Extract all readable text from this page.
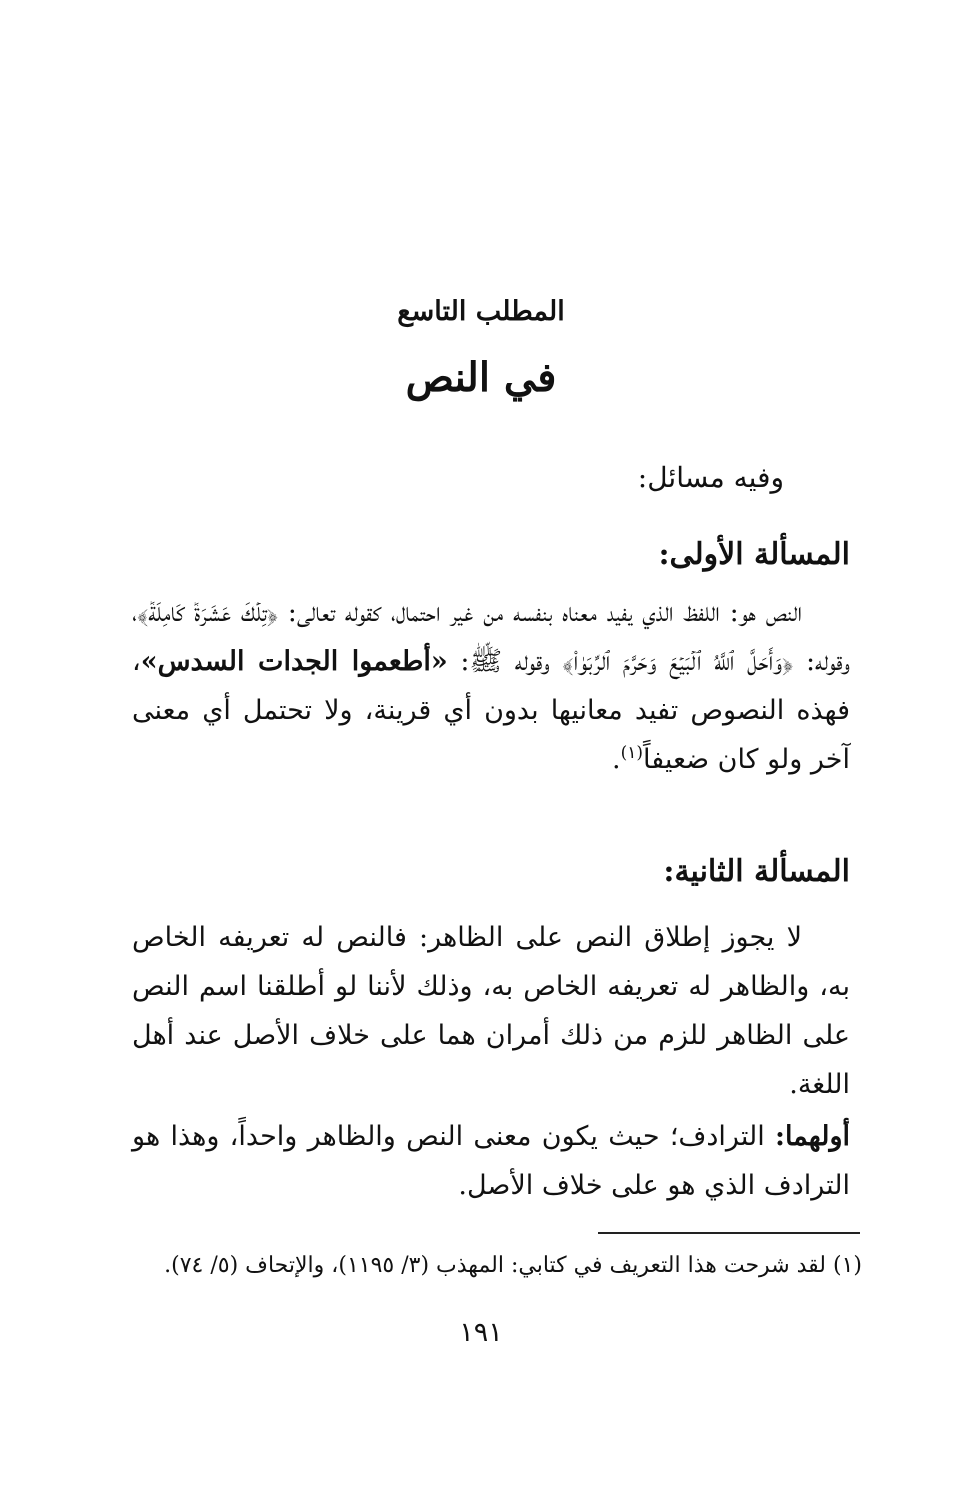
المطلب التاسع
في النص
وفيه مسائل:
المسألة الأولى:
النص هو: اللفظ الذي يفيد معناه بنفسه من غير احتمال، كقوله تعالى: ﴿تِلۡكَ عَشَرَةٞ كَامِلَةٞ﴾، وقوله: ﴿وَأَحَلَّ ٱللَّهُ ٱلۡبَيۡعَ وَحَرَّمَ ٱلرِّبَوٰاْ﴾ وقوله ﷺ: «أطعموا الجدات السدس»، فهذه النصوص تفيد معانيها بدون أي قرينة، ولا تحتمل أي معنى آخر ولو كان ضعيفاً$^{(١)}$.
المسألة الثانية:
لا يجوز إطلاق النص على الظاهر: فالنص له تعريفه الخاص به، والظاهر له تعريفه الخاص به، وذلك لأننا لو أطلقنا اسم النص على الظاهر للزم من ذلك أمران هما على خلاف الأصل عند أهل اللغة.
أولهما: الترادف؛ حيث يكون معنى النص والظاهر واحداً، وهذا هو الترادف الذي هو على خلاف الأصل.
(١) لقد شرحت هذا التعريف في كتابي: المهذب (٣/ ١١٩٥)، والإتحاف (٥/ ٧٤).
١٩١
